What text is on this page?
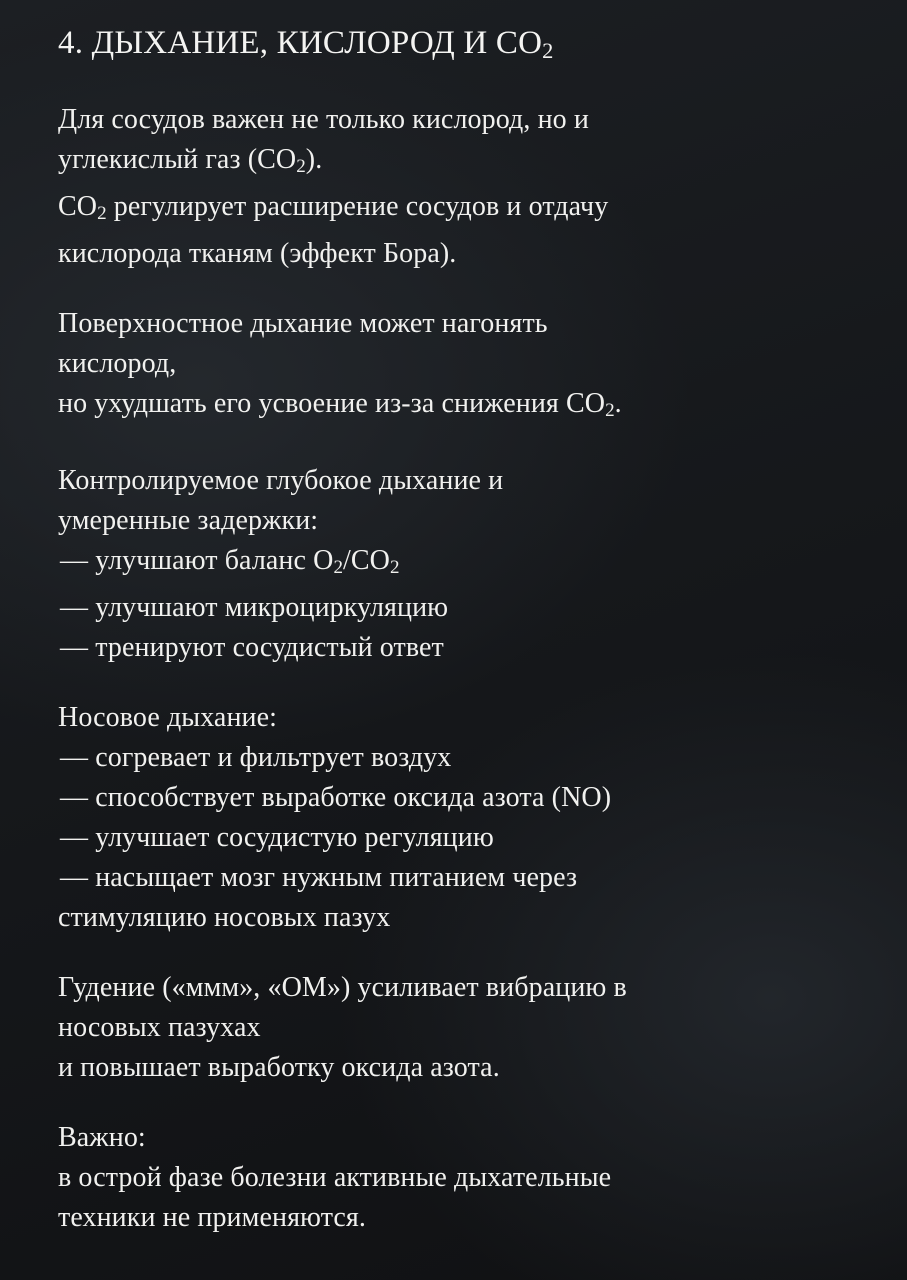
4. ДЫХАНИЕ, КИСЛОРОД И $CO_2$
Для сосудов важен не только кислород, но и
углекислый газ $(CO_2)$.
$CO_2$ регулирует расширение сосудов и отдачу
кислорода тканям (эффект Бора).
Поверхностное дыхание может нагонять
кислород,
но ухудшать его усвоение из-за снижения $CO_2$.
Контролируемое глубокое дыхание и
умеренные задержки:
— улучшают баланс $O_2/CO_2$
— улучшают микроциркуляцию
— тренируют сосудистый ответ
Носовое дыхание:
— согревает и фильтрует воздух
— способствует выработке оксида азота (NO)
— улучшает сосудистую регуляцию
— насыщает мозг нужным питанием через
стимуляцию носовых пазух
Гудение («ммм», «ОМ») усиливает вибрацию в
носовых пазухах
и повышает выработку оксида азота.
Важно:
в острой фазе болезни активные дыхательные
техники не применяются.
